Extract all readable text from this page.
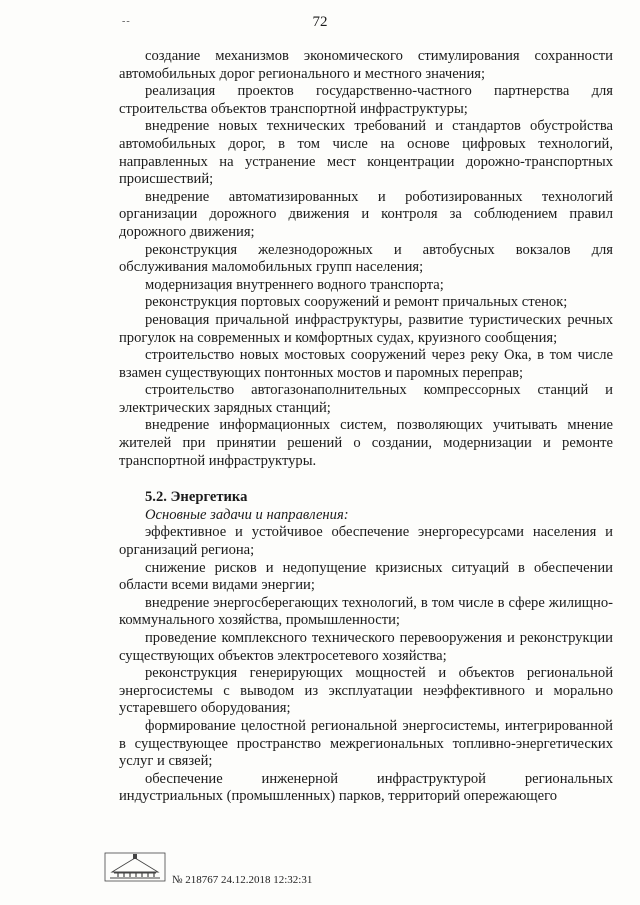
72
--

создание механизмов экономического стимулирования сохранности автомобильных дорог регионального и местного значения;

реализация проектов государственно-частного партнерства для строительства объектов транспортной инфраструктуры;

внедрение новых технических требований и стандартов обустройства автомобильных дорог, в том числе на основе цифровых технологий, направленных на устранение мест концентрации дорожно-транспортных происшествий;

внедрение автоматизированных и роботизированных технологий организации дорожного движения и контроля за соблюдением правил дорожного движения;

реконструкция железнодорожных и автобусных вокзалов для обслуживания маломобильных групп населения;

модернизация внутреннего водного транспорта;

реконструкция портовых сооружений и ремонт причальных стенок;

реновация причальной инфраструктуры, развитие туристических речных прогулок на современных и комфортных судах, круизного сообщения;

строительство новых мостовых сооружений через реку Ока, в том числе взамен существующих понтонных мостов и паромных переправ;

строительство автогазонаполнительных компрессорных станций и электрических зарядных станций;

внедрение информационных систем, позволяющих учитывать мнение жителей при принятии решений о создании, модернизации и ремонте транспортной инфраструктуры.

5.2. Энергетика

Основные задачи и направления:

эффективное и устойчивое обеспечение энергоресурсами населения и организаций региона;

снижение рисков и недопущение кризисных ситуаций в обеспечении области всеми видами энергии;

внедрение энергосберегающих технологий, в том числе в сфере жилищно-коммунального хозяйства, промышленности;

проведение комплексного технического перевооружения и реконструкции существующих объектов электросетевого хозяйства;

реконструкция генерирующих мощностей и объектов региональной энергосистемы с выводом из эксплуатации неэффективного и морально устаревшего оборудования;

формирование целостной региональной энергосистемы, интегрированной в существующее пространство межрегиональных топливно-энергетических услуг и связей;

обеспечение инженерной инфраструктурой региональных индустриальных (промышленных) парков, территорий опережающего

№ 218767 24.12.2018 12:32:31
